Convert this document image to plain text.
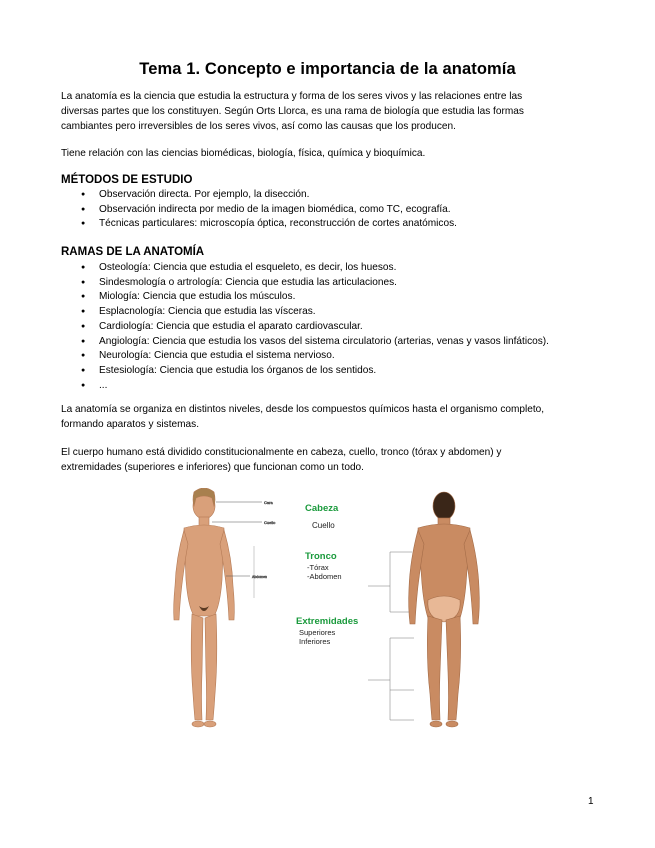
Tema 1. Concepto e importancia de la anatomía
La anatomía es la ciencia que estudia la estructura y forma de los seres vivos y las relaciones entre las
diversas partes que los constituyen. Según Orts Llorca, es una rama de biología que estudia las formas
cambiantes pero irreversibles de los seres vivos, así como las causas que los producen.
Tiene relación con las ciencias biomédicas, biología, física, química y bioquímica.
MÉTODOS DE ESTUDIO
● Observación directa. Por ejemplo, la disección.
● Observación indirecta por medio de la imagen biomédica, como TC, ecografía.
● Técnicas particulares: microscopía óptica, reconstrucción de cortes anatómicos.
RAMAS DE LA ANATOMÍA
● Osteología: Ciencia que estudia el esqueleto, es decir, los huesos.
● Sindesmología o artrología: Ciencia que estudia las articulaciones.
● Miología: Ciencia que estudia los músculos.
● Esplacnología: Ciencia que estudia las vísceras.
● Cardiología: Ciencia que estudia el aparato cardiovascular.
● Angiología: Ciencia que estudia los vasos del sistema circulatorio (arterias, venas y vasos linfáticos).
● Neurología: Ciencia que estudia el sistema nervioso.
● Estesiología: Ciencia que estudia los órganos de los sentidos.
● ...
La anatomía se organiza en distintos niveles, desde los compuestos químicos hasta el organismo completo,
formando aparatos y sistemas.
El cuerpo humano está dividido constitucionalmente en cabeza, cuello, tronco (tórax y abdomen) y
extremidades (superiores e inferiores) que funcionan como un todo.
Cara
Cuello
Abdomen
Cabeza
Cuello
Tronco
-Tórax
-Abdomen
Extremidades
Superiores
Inferiores
1
